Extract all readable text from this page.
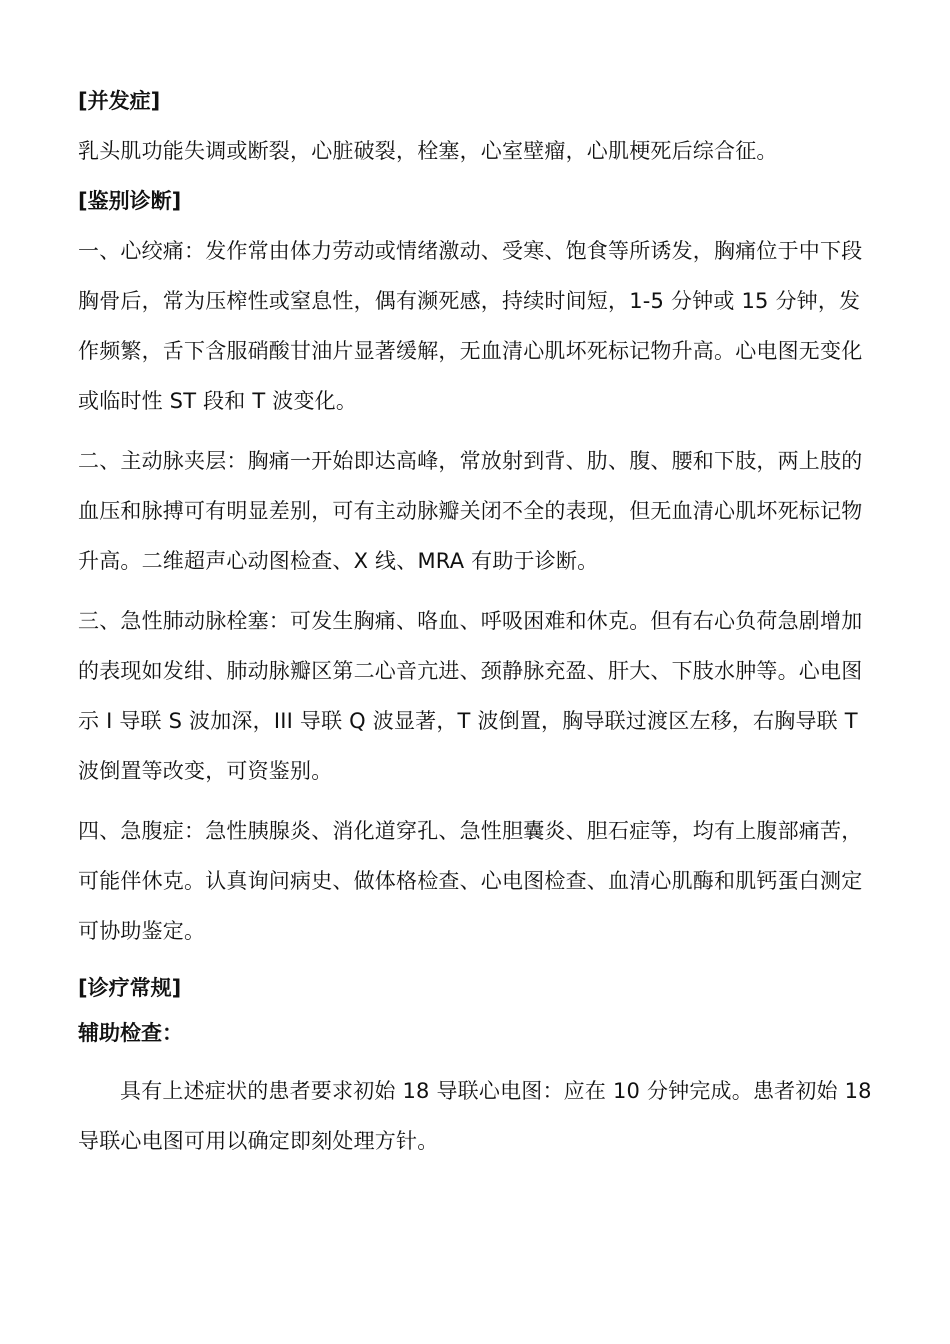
[并发症]

乳头肌功能失调或断裂，心脏破裂，栓塞，心室壁瘤，心肌梗死后综合征。

[鉴别诊断]

一、心绞痛：发作常由体力劳动或情绪激动、受寒、饱食等所诱发，胸痛位于中下段胸骨后，常为压榨性或窒息性，偶有濒死感，持续时间短，1-5 分钟或 15 分钟，发作频繁，舌下含服硝酸甘油片显著缓解，无血清心肌坏死标记物升高。心电图无变化或临时性 ST 段和 T 波变化。

二、主动脉夹层：胸痛一开始即达高峰，常放射到背、肋、腹、腰和下肢，两上肢的血压和脉搏可有明显差别，可有主动脉瓣关闭不全的表现，但无血清心肌坏死标记物升高。二维超声心动图检查、X 线、MRA 有助于诊断。

三、急性肺动脉栓塞：可发生胸痛、咯血、呼吸困难和休克。但有右心负荷急剧增加的表现如发绀、肺动脉瓣区第二心音亢进、颈静脉充盈、肝大、下肢水肿等。心电图示 I 导联 S 波加深，III 导联 Q 波显著，T 波倒置，胸导联过渡区左移，右胸导联 T 波倒置等改变，可资鉴别。

四、急腹症：急性胰腺炎、消化道穿孔、急性胆囊炎、胆石症等，均有上腹部痛苦，可能伴休克。认真询问病史、做体格检查、心电图检查、血清心肌酶和肌钙蛋白测定可协助鉴定。

[诊疗常规]

辅助检查：

具有上述症状的患者要求初始 18 导联心电图：应在 10 分钟完成。患者初始 18 导联心电图可用以确定即刻处理方针。
